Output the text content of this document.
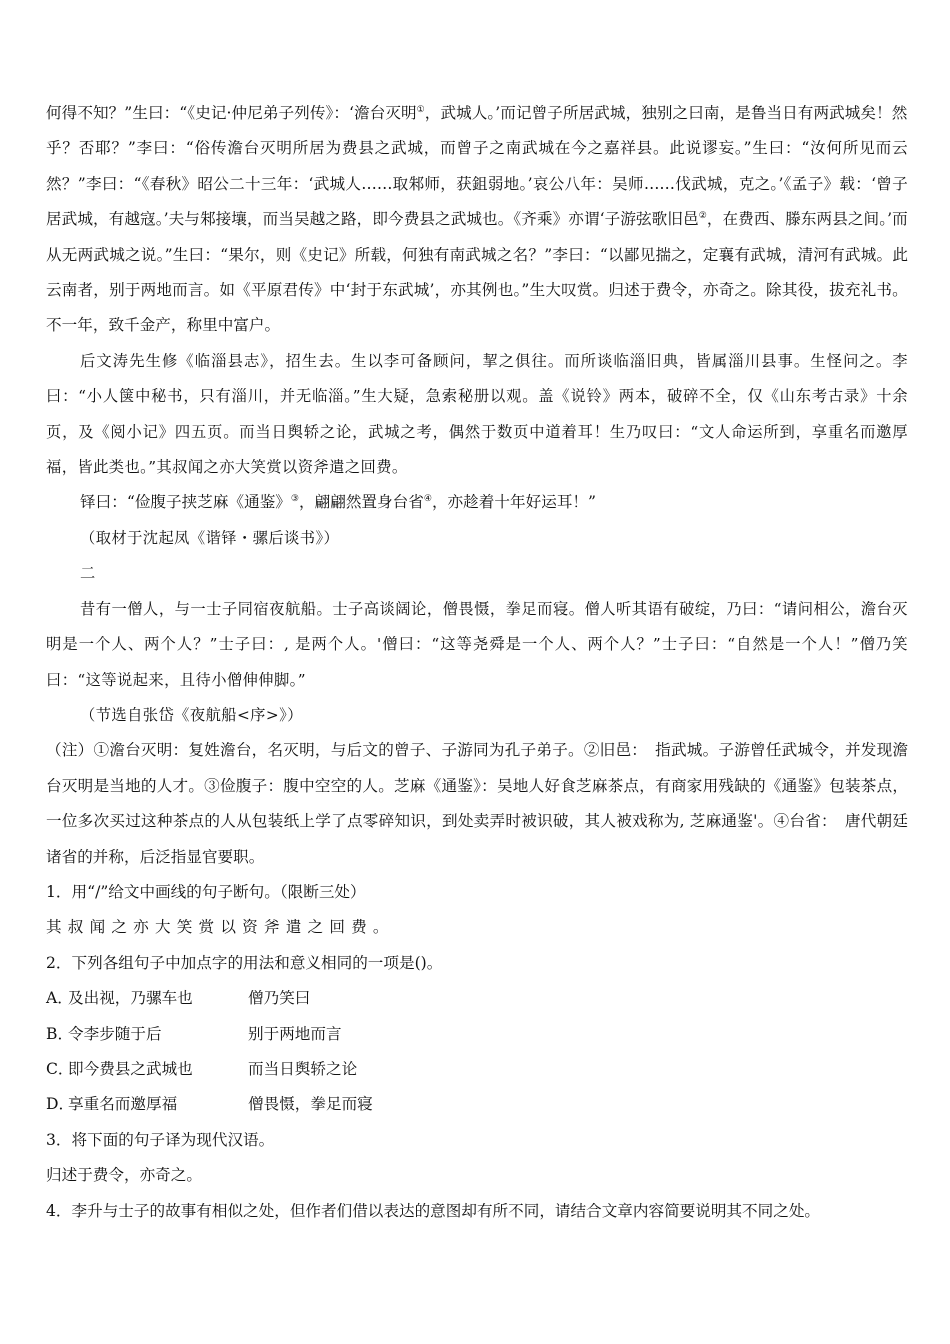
何得不知？”生曰：“《史记·仲尼弟子列传》：‘澹台灭明①，武城人。’而记曾子所居武城，独别之曰南，是鲁当日有两武城矣！然乎？否耶？”李曰：“俗传澹台灭明所居为费县之武城，而曾子之南武城在今之嘉祥县。此说谬妄。”生曰：“汝何所见而云然？”李曰：“《春秋》昭公二十三年：‘武城人……取邾师，获鉏弱地。’哀公八年：吴师……伐武城，克之。’《孟子》载：‘曾子居武城，有越寇。’夫与邾接壤，而当吴越之路，即今费县之武城也。《齐乘》亦谓‘子游弦歌旧邑②，在费西、滕东两县之间。’而从无两武城之说。”生曰：“果尔，则《史记》所载，何独有南武城之名？”李曰：“以鄙见揣之，定襄有武城，清河有武城。此云南者，别于两地而言。如《平原君传》中‘封于东武城’，亦其例也。”生大叹赏。归述于费令，亦奇之。除其役，拔充礼书。不一年，致千金产，称里中富户。

后文涛先生修《临淄县志》，招生去。生以李可备顾问，挈之俱往。而所谈临淄旧典，皆属淄川县事。生怪问之。李曰：“小人箧中秘书，只有淄川，并无临淄。”生大疑，急索秘册以观。盖《说铃》两本，破碎不全，仅《山东考古录》十余页，及《阅小记》四五页。而当日舆轿之论，武城之考，偶然于数页中道着耳！生乃叹曰：“文人命运所到，享重名而邀厚福，皆此类也。”其叔闻之亦大笑赏以资斧遣之回费。

铎曰：“俭腹子挟芝麻《通鉴》③，翩翩然置身台省④，亦趁着十年好运耳！”

（取材于沈起凤《谐铎・骡后谈书》）

二

昔有一僧人，与一士子同宿夜航船。士子高谈阔论，僧畏慑，拳足而寝。僧人听其语有破绽，乃曰：“请问相公，澹台灭明是一个人、两个人？”士子曰：, 是两个人。'僧曰：“这等尧舜是一个人、两个人？”士子曰：“自然是一个人！”僧乃笑曰：“这等说起来，且待小僧伸伸脚。”

（节选自张岱《夜航船<序>》）

（注）①澹台灭明：复姓澹台，名灭明，与后文的曾子、子游同为孔子弟子。②旧邑：　指武城。子游曾任武城令，并发现澹台灭明是当地的人才。③俭腹子：腹中空空的人。芝麻《通鉴》：吴地人好食芝麻茶点，有商家用残缺的《通鉴》包装茶点，一位多次买过这种茶点的人从包装纸上学了点零碎知识，到处卖弄时被识破，其人被戏称为, 芝麻通鉴'。④台省：　唐代朝廷诸省的并称，后泛指显官要职。

1．用“/”给文中画线的句子断句。（限断三处）

其叔闻之亦大笑赏以资斧遣之回费。

2．下列各组句子中加点字的用法和意义相同的一项是()。

A．
及出视，乃骡车也	僧乃笑曰
B．
令李步随于后	别于两地而言
C．
即今费县之武城也	而当日舆轿之论
D．
享重名而邀厚福	僧畏慑，拳足而寝

3．将下面的句子译为现代汉语。

归述于费令，亦奇之。

4．李升与士子的故事有相似之处，但作者们借以表达的意图却有所不同，请结合文章内容简要说明其不同之处。
